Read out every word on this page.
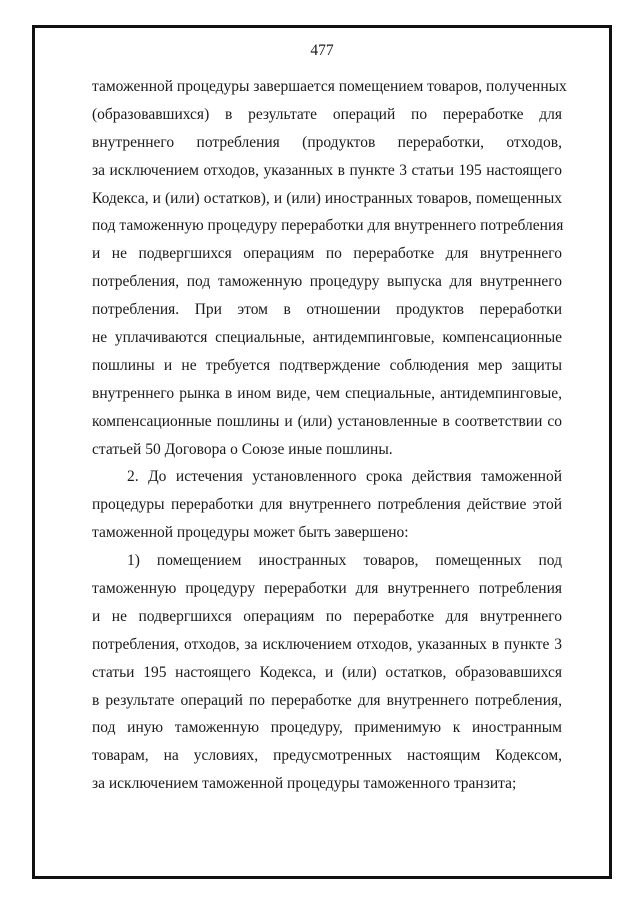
477
таможенной процедуры завершается помещением товаров, полученных
(образовавшихся) в результате операций по переработке для
внутреннего потребления (продуктов переработки, отходов,
за исключением отходов, указанных в пункте 3 статьи 195 настоящего
Кодекса, и (или) остатков), и (или) иностранных товаров, помещенных
под таможенную процедуру переработки для внутреннего потребления
и не подвергшихся операциям по переработке для внутреннего
потребления, под таможенную процедуру выпуска для внутреннего
потребления. При этом в отношении продуктов переработки
не уплачиваются специальные, антидемпинговые, компенсационные
пошлины и не требуется подтверждение соблюдения мер защиты
внутреннего рынка в ином виде, чем специальные, антидемпинговые,
компенсационные пошлины и (или) установленные в соответствии со
статьей 50 Договора о Союзе иные пошлины.
2. До истечения установленного срока действия таможенной
процедуры переработки для внутреннего потребления действие этой
таможенной процедуры может быть завершено:
1) помещением иностранных товаров, помещенных под
таможенную процедуру переработки для внутреннего потребления
и не подвергшихся операциям по переработке для внутреннего
потребления, отходов, за исключением отходов, указанных в пункте 3
статьи 195 настоящего Кодекса, и (или) остатков, образовавшихся
в результате операций по переработке для внутреннего потребления,
под иную таможенную процедуру, применимую к иностранным
товарам, на условиях, предусмотренных настоящим Кодексом,
за исключением таможенной процедуры таможенного транзита;
